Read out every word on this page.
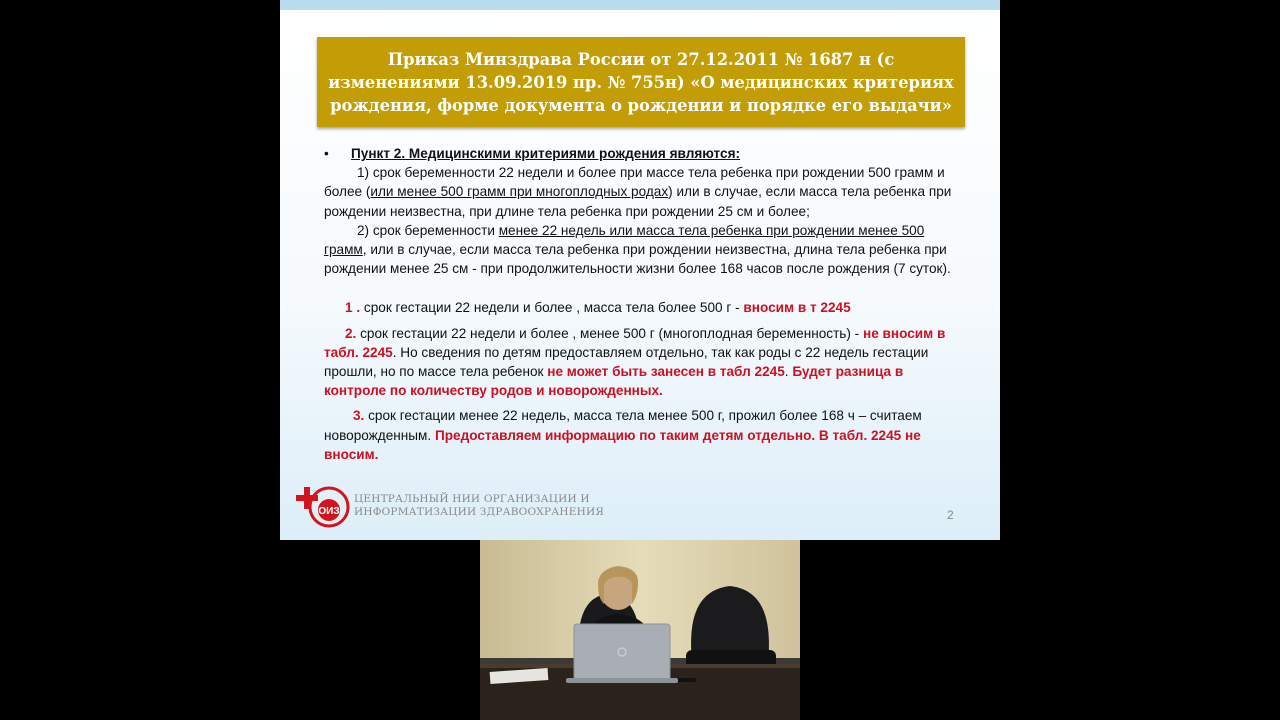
Приказ Минздрава России от 27.12.2011 № 1687 н (с изменениями 13.09.2019 пр. № 755н) «О медицинских критериях рождения, форме документа о рождении и порядке его выдачи»

• Пункт 2. Медицинскими критериями рождения являются:

1) срок беременности 22 недели и более при массе тела ребенка при рождении 500 грамм и более (или менее 500 грамм при многоплодных родах) или в случае, если масса тела ребенка при рождении неизвестна, при длине тела ребенка при рождении 25 см и более;

2) срок беременности менее 22 недель или масса тела ребенка при рождении менее 500 грамм, или в случае, если масса тела ребенка при рождении неизвестна, длина тела ребенка при рождении менее 25 см - при продолжительности жизни более 168 часов после рождения (7 суток).

1 . срок гестации 22 недели и более , масса тела более 500 г - вносим в т 2245

2. срок гестации 22 недели и более , менее 500 г (многоплодная беременность) - не вносим в табл. 2245. Но сведения по детям предоставляем отдельно, так как роды с 22 недель гестации прошли, но по массе тела ребенок не может быть занесен в табл 2245. Будет разница в контроле по количеству родов и новорожденных.

3. срок гестации менее 22 недель, масса тела менее 500 г, прожил более 168 ч – считаем новорожденным. Предоставляем информацию по таким детям отдельно. В табл. 2245 не вносим.

ОИЗ
ЦЕНТРАЛЬНЫЙ НИИ ОРГАНИЗАЦИИ И
ИНФОРМАТИЗАЦИИ ЗДРАВООХРАНЕНИЯ	2
